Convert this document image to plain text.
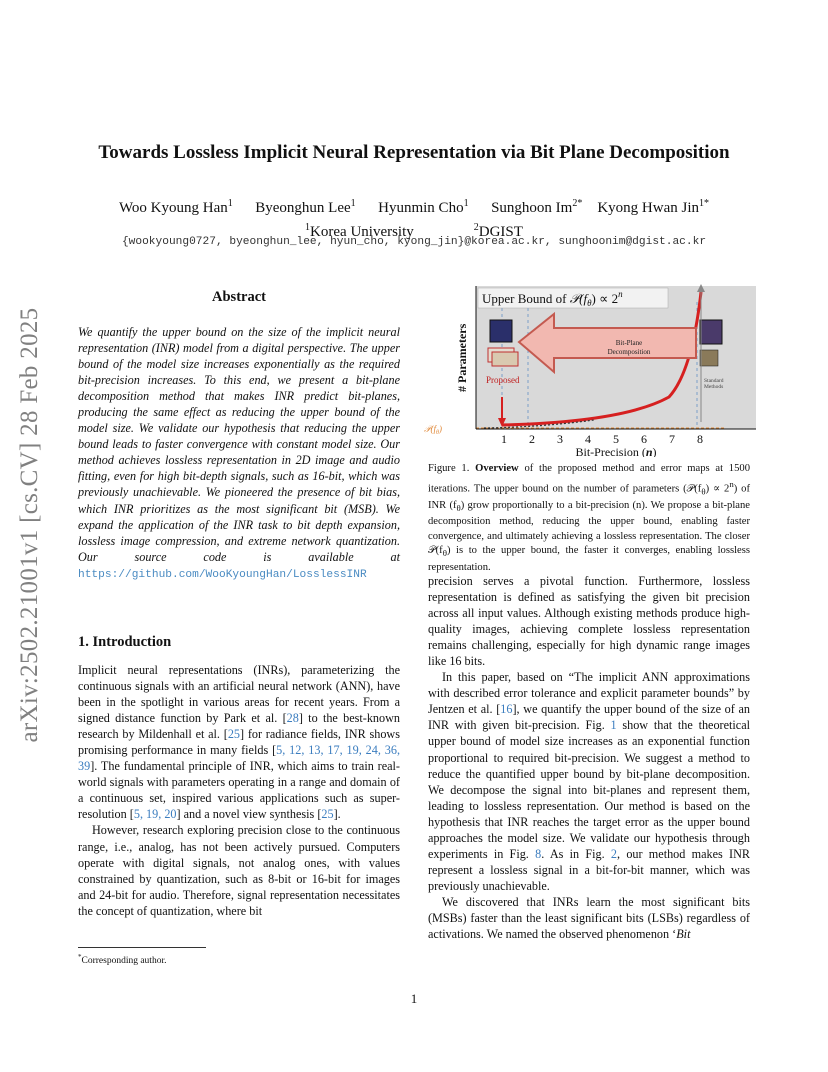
arXiv:2502.21001v1 [cs.CV] 28 Feb 2025
Towards Lossless Implicit Neural Representation via Bit Plane Decomposition
Woo Kyoung Han$^1$ Byeonghun Lee$^1$ Hyunmin Cho$^1$ Sunghoon $Im^{2*}$ Kyong Hwan Jin$^{1*}$
$^1$Korea University	$^2$DGIST
{wookyoung0727, byeonghun_lee, hyun_cho, kyong_jin}@korea.ac.kr, sunghoonim@dgist.ac.kr
Abstract
We quantify the upper bound on the size of the implicit neural representation (INR) model from a digital perspective. The upper bound of the model size increases exponentially as the required bit-precision increases. To this end, we present a bit-plane decomposition method that makes INR predict bit-planes, producing the same effect as reducing the upper bound of the model size. We validate our hypothesis that reducing the upper bound leads to faster convergence with constant model size. Our method achieves lossless representation in 2D image and audio fitting, even for high bit-depth signals, such as 16-bit, which was previously unachievable. We pioneered the presence of bit bias, which INR prioritizes as the most significant bit (MSB). We expand the application of the INR task to bit depth expansion, lossless image compression, and extreme network quantization. Our source code is available at https://github.com/WooKyoungHan/LosslessINR
1. Introduction

Implicit neural representations (INRs), parameterizing the continuous signals with an artificial neural network (ANN), have been in the spotlight in various areas for recent years. From a signed distance function by Park et al. [28] to the best-known research by Mildenhall et al. [25] for radiance fields, INR shows promising performance in many fields [5, 12, 13, 17, 19, 24, 36, 39]. The fundamental principle of INR, which aims to train real-world signals with parameters operating in a range and domain of a continuous set, inspired various applications such as super-resolution [5, 19, 20] and a novel view synthesis [25].

However, research exploring precision close to the continuous range, i.e., analog, has not been actively pursued. Computers operate with digital signals, not analog ones, with values constrained by quantization, such as 8-bit or 16-bit for images and 24-bit for audio. Therefore, signal representation necessitates the concept of quantization, where bit

*Corresponding author.
1
Upper Bound of $𝒫(f_\theta) \propto 2^n$
Bit-Plane
Decomposition
Proposed	Standard
Methods
# Parameters
$𝒫(f_\theta)$
1 2 3 4 5 6 7 8
Bit-Precision (n)
Figure 1. Overview of the proposed method and error maps at 1500 iterations. The upper bound on the number of parameters $(𝒫(f_\theta) \propto 2^n)$ of INR $(f_\theta)$ grow proportionally to a bit-precision (n). We propose a bit-plane decomposition method, reducing the upper bound, enabling faster convergence, and ultimately achieving a lossless representation. The closer $𝒫(f_\theta)$ is to the upper bound, the faster it converges, enabling lossless representation.

precision serves a pivotal function. Furthermore, lossless representation is defined as satisfying the given bit precision across all input values. Although existing methods produce high-quality images, achieving complete lossless representation remains challenging, especially for high dynamic range images like 16 bits.

In this paper, based on “The implicit ANN approximations with described error tolerance and explicit parameter bounds” by Jentzen et al. [16], we quantify the upper bound of the size of an INR with given bit-precision. Fig. 1 show that the theoretical upper bound of model size increases as an exponential function proportional to required bit-precision. We suggest a method to reduce the quantified upper bound by bit-plane decomposition. We decompose the signal into bit-planes and represent them, leading to lossless representation. Our method is based on the hypothesis that INR reaches the target error as the upper bound approaches the model size. We validate our hypothesis through experiments in Fig. 8. As in Fig. 2, our method makes INR represent a lossless signal in a bit-for-bit manner, which was previously unachievable.

We discovered that INRs learn the most significant bits (MSBs) faster than the least significant bits (LSBs) regardless of activations. We named the observed phenomenon ‘Bit
